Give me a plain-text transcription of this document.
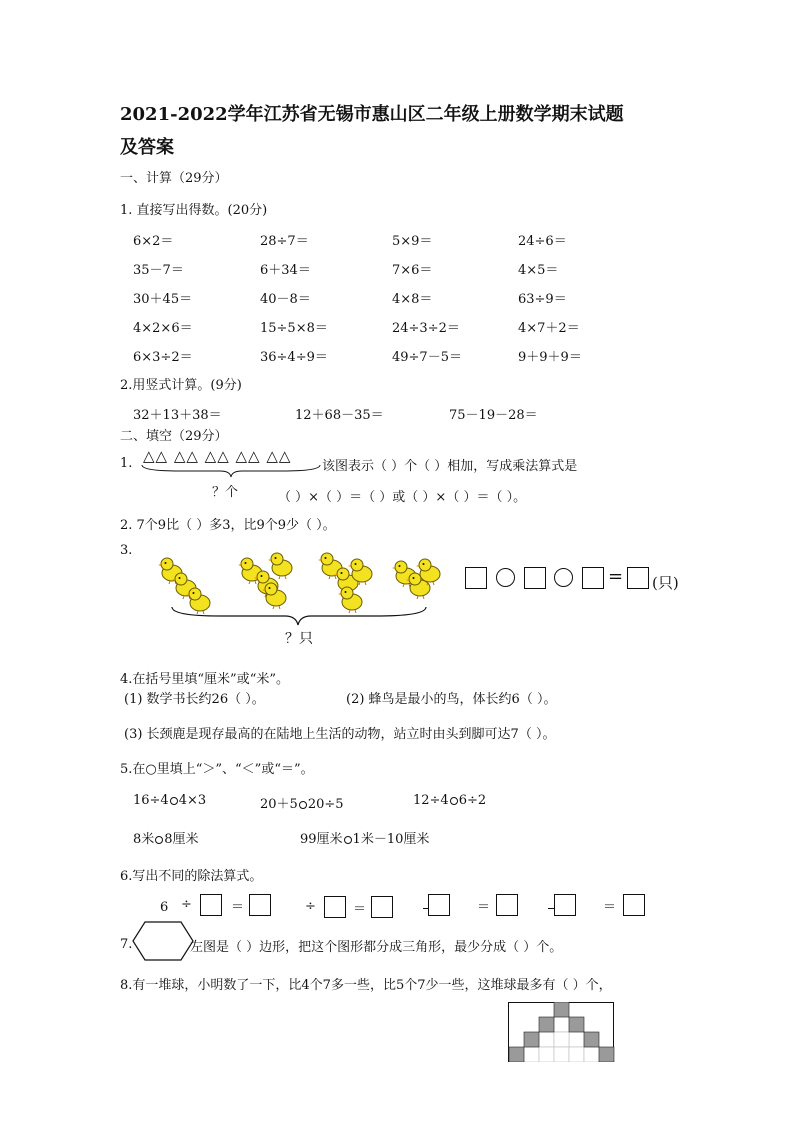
2021-2022学年江苏省无锡市惠山区二年级上册数学期末试题
及答案
一、计算（29分）
1. 直接写出得数。(20分)
6×2＝	28÷7＝	5×9＝	24÷6＝
35－7＝	6＋34＝	7×6＝	4×5＝
30＋45＝	40－8＝	4×8＝	63÷9＝
4×2×6＝	15÷5×8＝	24÷3÷2＝	4×7＋2＝
6×3÷2＝	36÷4÷9＝	49÷7－5＝	9＋9＋9＝
2.用竖式计算。(9分)
32＋13＋38＝	12＋68－35＝	75－19－28＝
二、填空（29分）
1. △△ △△ △△ △△ △△
该图表示（ ）个（ ）相加，写成乘法算式是
？个	（ ）×（ ）＝（ ）或（ ）×（ ）＝（ ）。
2. 7个9比（ ）多3，比9个9少（ ）。
3.
？只
= (只)
4.在括号里填“厘米”或“米”。
(1) 数学书长约26（ ）。	(2) 蜂鸟是最小的鸟，体长约6（ ）。
(3) 长颈鹿是现存最高的在陆地上生活的动物，站立时由头到脚可达7（ ）。
5.在○里填上“＞”、“＜”或“＝”。
16÷4 4×3	20＋5 20÷5	12÷4 6÷2
8米 8厘米	99厘米 1米－10厘米
6.写出不同的除法算式。
6 ÷	＝	÷	＝	＝	＝
7.	左图是（ ）边形，把这个图形都分成三角形，最少分成（ ）个。
8.有一堆球，小明数了一下，比4个7多一些，比5个7少一些，这堆球最多有（ ）个，
